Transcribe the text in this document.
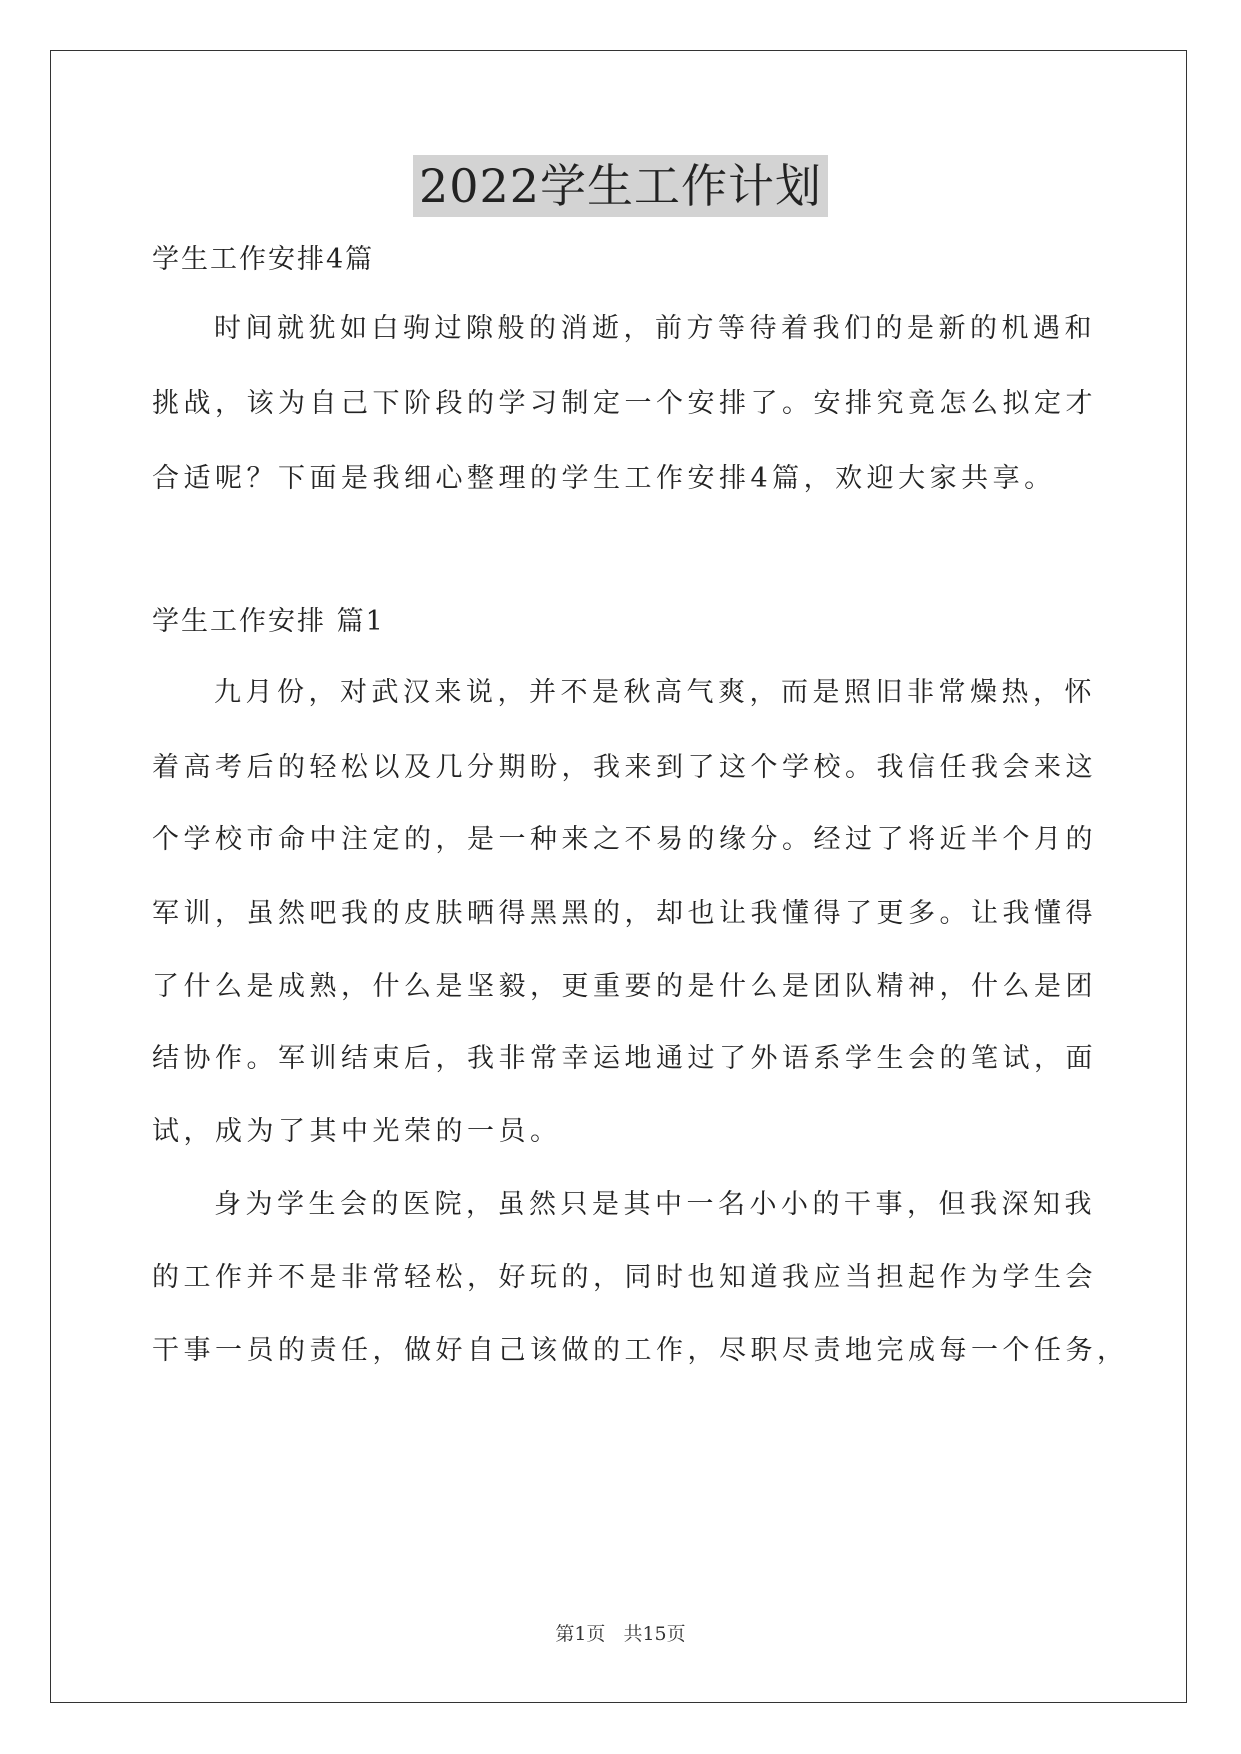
2022学生工作计划
学生工作安排4篇
时间就犹如白驹过隙般的消逝，前方等待着我们的是新的机遇和
挑战，该为自己下阶段的学习制定一个安排了。安排究竟怎么拟定才
合适呢？下面是我细心整理的学生工作安排4篇，欢迎大家共享。
学生工作安排 篇1
九月份，对武汉来说，并不是秋高气爽，而是照旧非常燥热，怀
着高考后的轻松以及几分期盼，我来到了这个学校。我信任我会来这
个学校市命中注定的，是一种来之不易的缘分。经过了将近半个月的
军训，虽然吧我的皮肤晒得黑黑的，却也让我懂得了更多。让我懂得
了什么是成熟，什么是坚毅，更重要的是什么是团队精神，什么是团
结协作。军训结束后，我非常幸运地通过了外语系学生会的笔试，面
试，成为了其中光荣的一员。
身为学生会的医院，虽然只是其中一名小小的干事，但我深知我
的工作并不是非常轻松，好玩的，同时也知道我应当担起作为学生会
干事一员的责任，做好自己该做的工作，尽职尽责地完成每一个任务，
第1页 共15页
